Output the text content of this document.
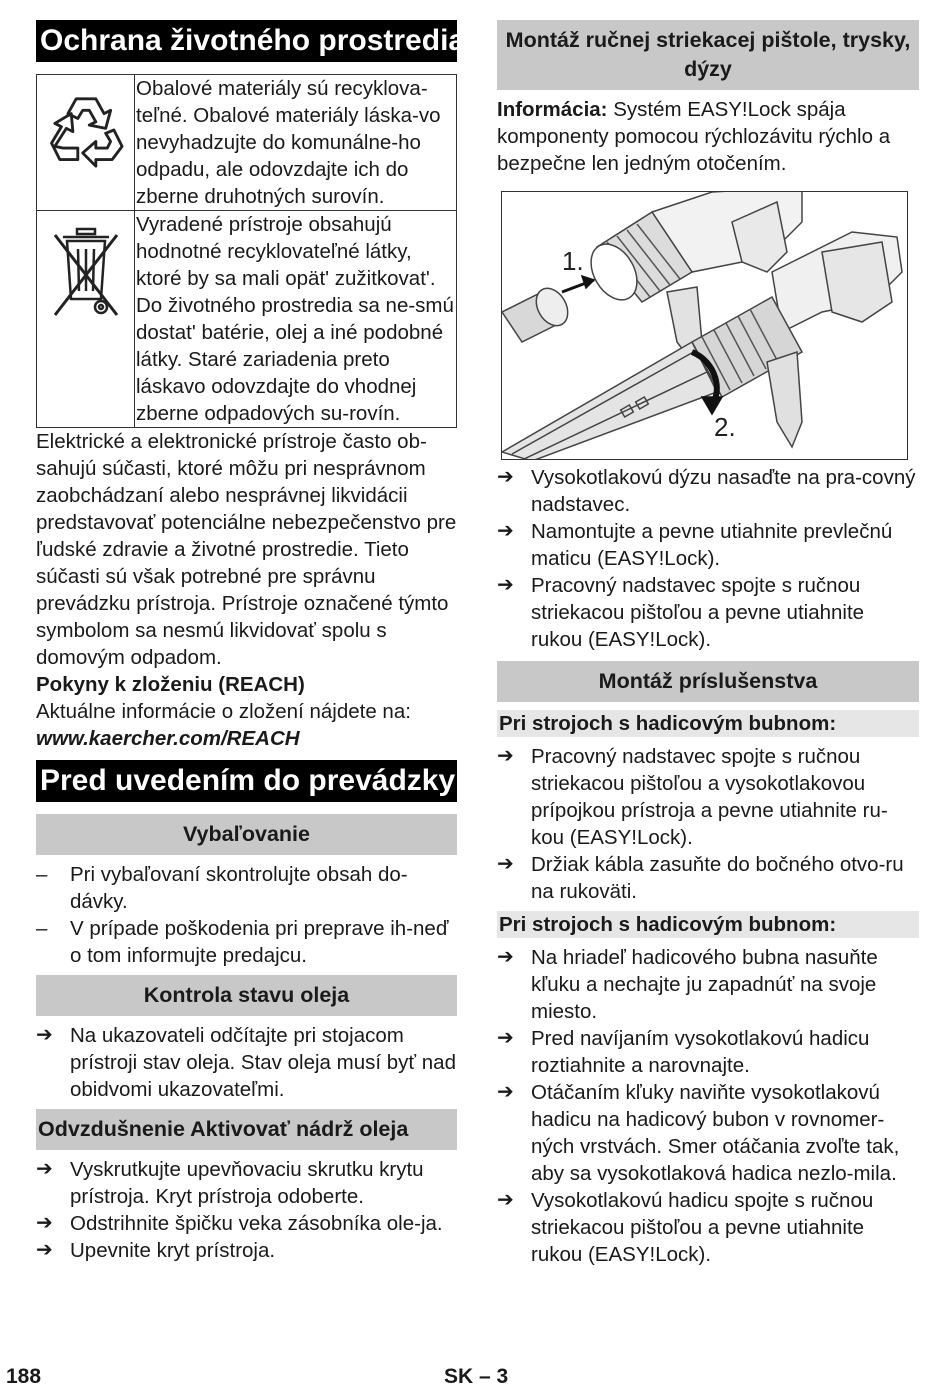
Ochrana životného prostredia
	Obalové materiály sú recyklova-teľné. Obalové materiály láska-vo nevyhadzujte do komunálne-ho odpadu, ale odovzdajte ich do zberne druhotných surovín.
	Vyradené prístroje obsahujú hodnotné recyklovateľné látky, ktoré by sa mali opät' zužitkovat'. Do životného prostredia sa ne-smú dostat' batérie, olej a iné podobné látky. Staré zariadenia preto láskavo odovzdajte do vhodnej zberne odpadových su-rovín.

Elektrické a elektronické prístroje často ob-sahujú súčasti, ktoré môžu pri nesprávnom zaobchádzaní alebo nesprávnej likvidácii predstavovať potenciálne nebezpečenstvo pre ľudské zdravie a životné prostredie. Tieto súčasti sú však potrebné pre správnu prevádzku prístroja. Prístroje označené týmto symbolom sa nesmú likvidovať spolu s domovým odpadom.

Pokyny k zloženiu (REACH)

Aktuálne informácie o zložení nájdete na:

www.kaercher.com/REACH

Pred uvedením do prevádzky
Vybaľovanie
–	Pri vybaľovaní skontrolujte obsah do-dávky.
–	V prípade poškodenia pri preprave ih-neď o tom informujte predajcu.
Kontrola stavu oleja
➔ Na ukazovateli odčítajte pri stojacom prístroji stav oleja. Stav oleja musí byť nad obidvomi ukazovateľmi.
Odvzdušnenie Aktivovať nádrž oleja
➔ Vyskrutkujte upevňovaciu skrutku krytu prístroja. Kryt prístroja odoberte.
➔ Odstrihnite špičku veka zásobníka ole-ja.
➔ Upevnite kryt prístroja.
Montáž ručnej striekacej pištole, trysky, dýzy

Informácia: Systém EASY!Lock spája komponenty pomocou rýchlozávitu rýchlo a bezpečne len jedným otočením.

1.
2.
➔ Vysokotlakovú dýzu nasaďte na pra-covný nadstavec.
➔ Namontujte a pevne utiahnite prevlečnú maticu (EASY!Lock).
➔ Pracovný nadstavec spojte s ručnou striekacou pištoľou a pevne utiahnite rukou (EASY!Lock).
Montáž príslušenstva
Pri strojoch s hadicovým bubnom:
➔ Pracovný nadstavec spojte s ručnou striekacou pištoľou a vysokotlakovou prípojkou prístroja a pevne utiahnite ru-kou (EASY!Lock).
➔ Držiak kábla zasuňte do bočného otvo-ru na rukoväti.
Pri strojoch s hadicovým bubnom:
➔ Na hriadeľ hadicového bubna nasuňte kľuku a nechajte ju zapadnúť na svoje miesto.
➔ Pred navíjaním vysokotlakovú hadicu roztiahnite a narovnajte.
➔ Otáčaním kľuky naviňte vysokotlakovú hadicu na hadicový bubon v rovnomer-ných vrstvách. Smer otáčania zvoľte tak, aby sa vysokotlaková hadica nezlo-mila.
➔ Vysokotlakovú hadicu spojte s ručnou striekacou pištoľou a pevne utiahnite rukou (EASY!Lock).
188	SK – 3
